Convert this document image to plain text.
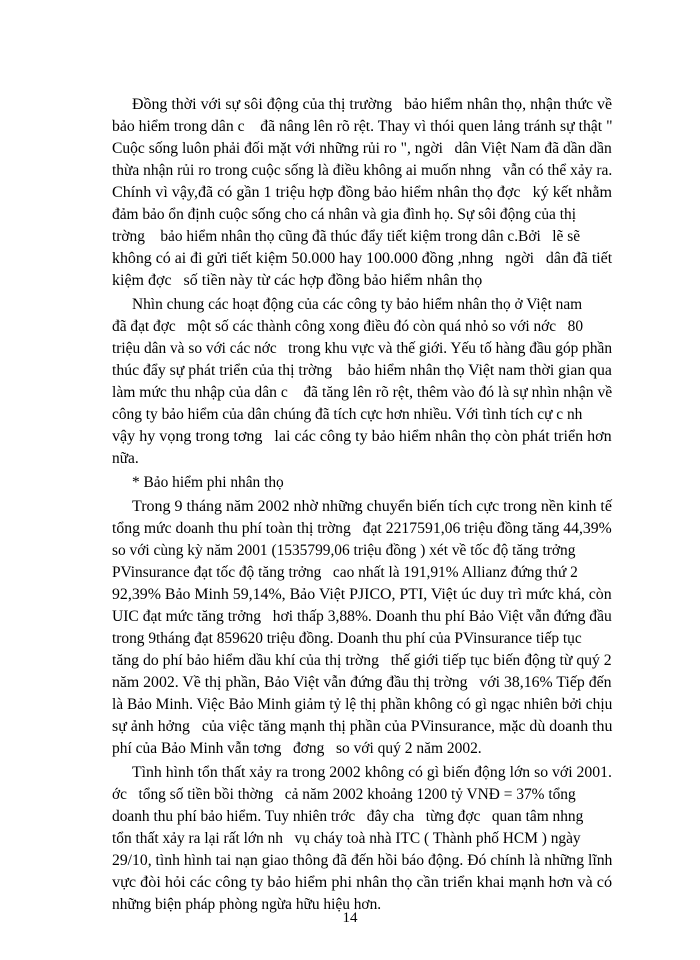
Đồng thời với sự sôi động của thị trường   bảo hiểm nhân thọ, nhận thức về
bảo hiểm trong dân c    đã nâng lên rõ rệt. Thay vì thói quen lảng tránh sự thật "
Cuộc sống luôn phải đối mặt với những rủi ro ", ngời   dân Việt Nam đã dần dần
thừa nhận rủi ro trong cuộc sống là điều không ai muốn nhng   vẫn có thể xảy ra.
Chính vì vậy,đã có gần 1 triệu hợp đồng bảo hiểm nhân thọ đợc   ký kết nhằm
đảm bảo ổn định cuộc sống cho cá nhân và gia đình họ. Sự sôi động của thị
trờng    bảo hiểm nhân thọ cũng đã thúc đẩy tiết kiệm trong dân c.Bởi   lẽ sẽ
không có ai đi gửi tiết kiệm 50.000 hay 100.000 đồng ,nhng   ngời   dân đã tiết
kiệm đợc   số tiền này từ các hợp đồng bảo hiểm nhân thọ
Nhìn chung các hoạt động của các công ty bảo hiểm nhân thọ ở Việt nam
đã đạt đợc   một số các thành công xong điều đó còn quá nhỏ so với nớc   80
triệu dân và so với các nớc   trong khu vực và thế giới. Yếu tố hàng đầu góp phần
thúc đẩy sự phát triển của thị trờng    bảo hiểm nhân thọ Việt nam thời gian qua
làm mức thu nhập của dân c    đã tăng lên rõ rệt, thêm vào đó là sự nhìn nhận về
công ty bảo hiểm của dân chúng đã tích cực hơn nhiều. Với tình tích cự c nh
vậy hy vọng trong tơng   lai các công ty bảo hiểm nhân thọ còn phát triển hơn
nữa.
* Bảo hiểm phi nhân thọ
Trong 9 tháng năm 2002 nhờ những chuyển biến tích cực trong nền kinh tế
tổng mức doanh thu phí toàn thị trờng   đạt 2217591,06 triệu đồng tăng 44,39%
so với cùng kỳ năm 2001 (1535799,06 triệu đồng ) xét về tốc độ tăng trởng
PVinsurance đạt tốc độ tăng trởng   cao nhất là 191,91% Allianz đứng thứ 2
92,39% Bảo Minh 59,14%, Bảo Việt PJICO, PTI, Việt úc duy trì mức khá, còn
UIC đạt mức tăng trởng   hơi thấp 3,88%. Doanh thu phí Bảo Việt vẫn đứng đầu
trong 9tháng đạt 859620 triệu đồng. Doanh thu phí của PVinsurance tiếp tục
tăng do phí bảo hiểm dầu khí của thị trờng   thế giới tiếp tục biến động từ quý 2
năm 2002. Về thị phần, Bảo Việt vẫn đứng đầu thị trờng   với 38,16% Tiếp đến
là Bảo Minh. Việc Bảo Minh giảm tỷ lệ thị phần không có gì ngạc nhiên bởi chịu
sự ảnh hởng   của việc tăng mạnh thị phần của PVinsurance, mặc dù doanh thu
phí của Bảo Minh vẫn tơng   đơng   so với quý 2 năm 2002.
Tình hình tổn thất xảy ra trong 2002 không có gì biến động lớn so với 2001.
ớc   tổng số tiền bồi thờng   cả năm 2002 khoảng 1200 tỷ VNĐ = 37% tổng
doanh thu phí bảo hiểm. Tuy nhiên trớc   đây cha   từng đợc   quan tâm nhng
tổn thất xảy ra lại rất lớn nh   vụ cháy toà nhà ITC ( Thành phố HCM ) ngày
29/10, tình hình tai nạn giao thông đã đến hồi báo động. Đó chính là những lĩnh
vực đòi hỏi các công ty bảo hiểm phi nhân thọ cần triển khai mạnh hơn và có
những biện pháp phòng ngừa hữu hiệu hơn.
14
